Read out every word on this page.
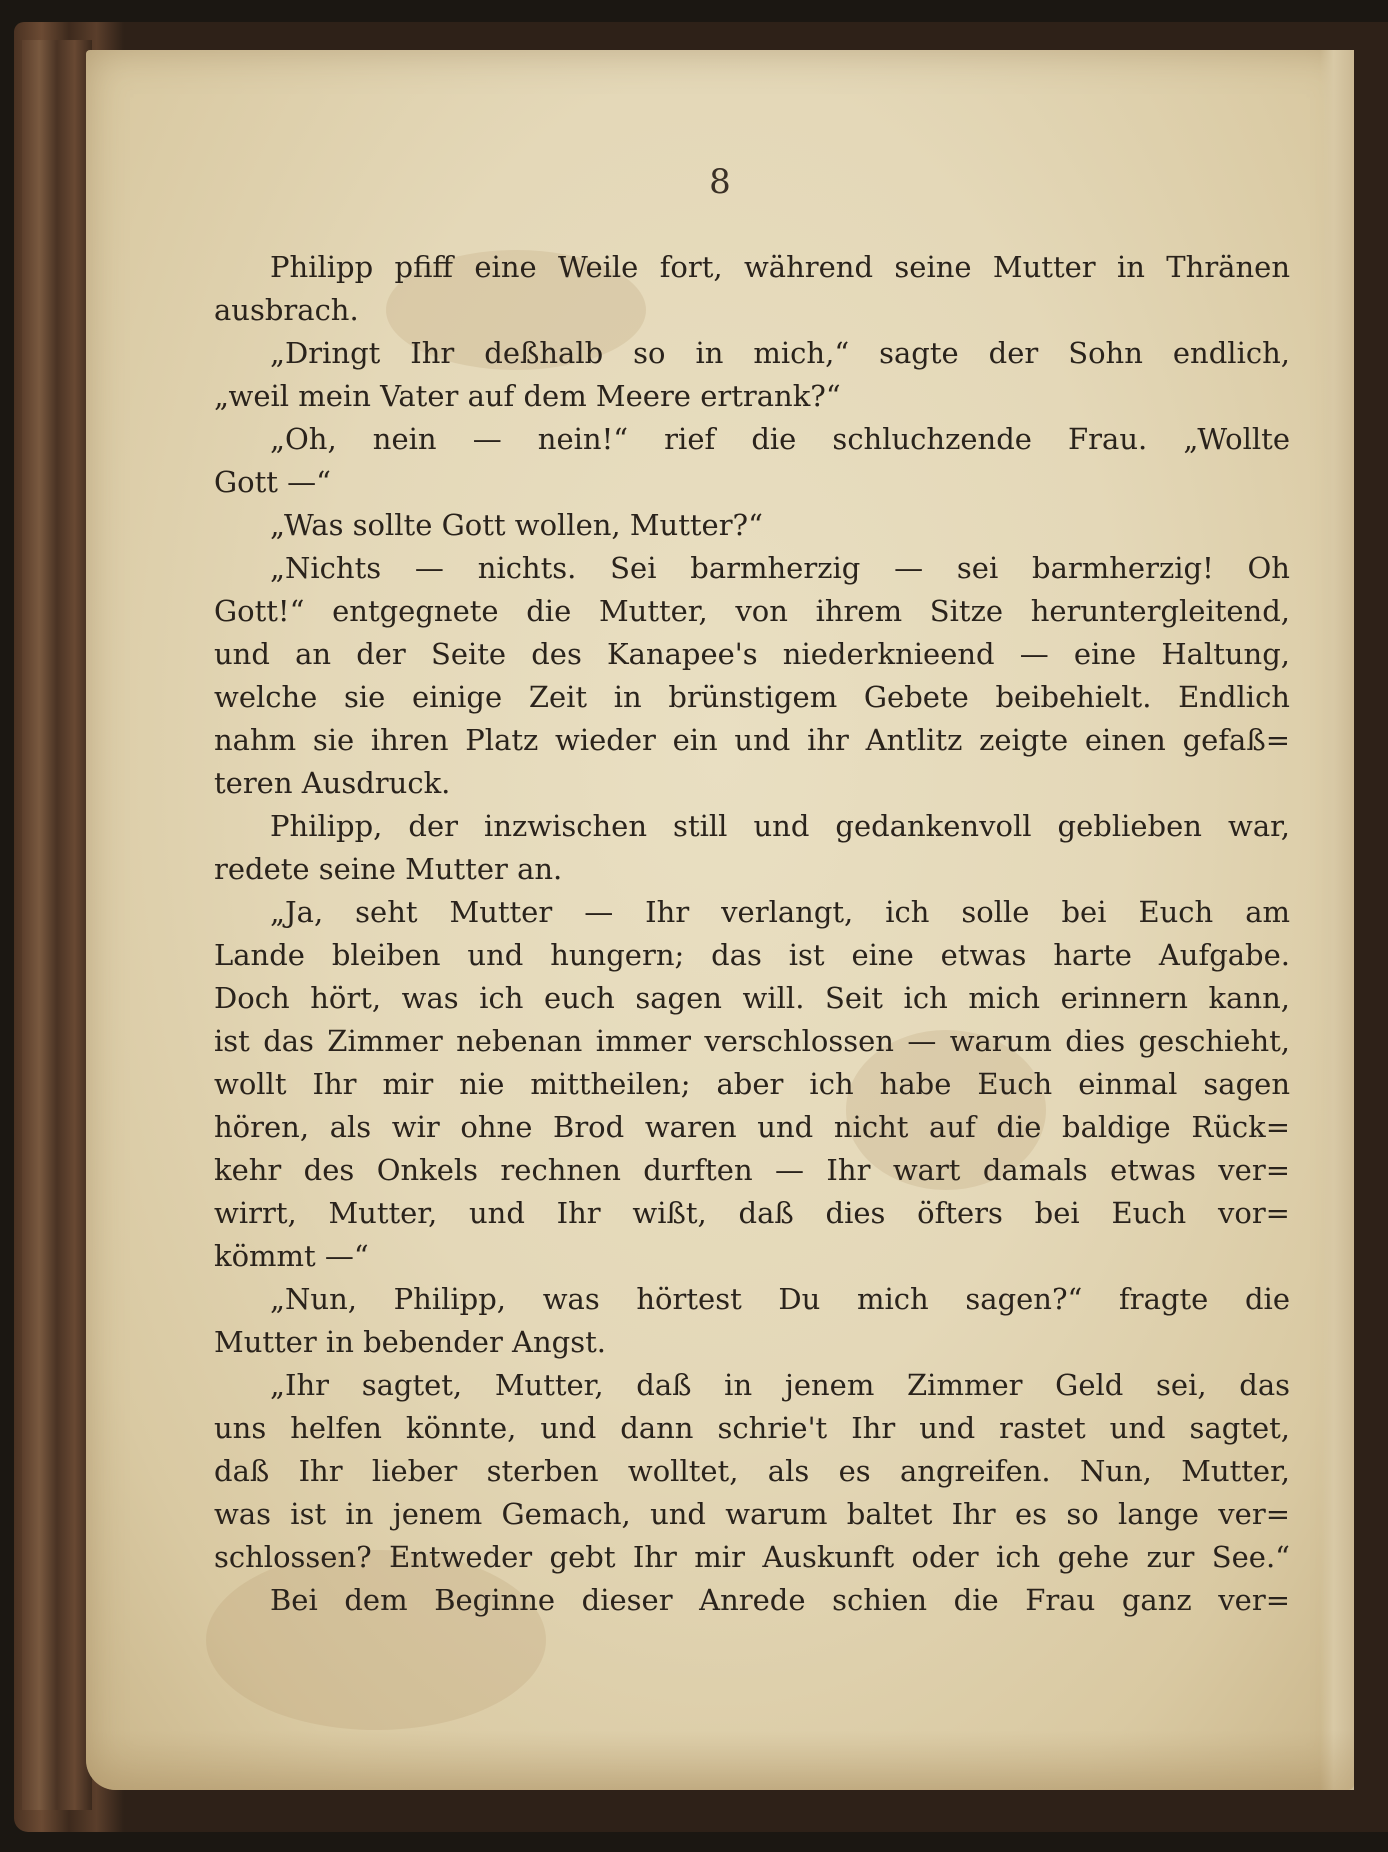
8
Philipp pfiff eine Weile fort, während seine Mutter in Thränen
ausbrach.
„Dringt Ihr deßhalb so in mich,“ sagte der Sohn endlich,
„weil mein Vater auf dem Meere ertrank?“
„Oh, nein — nein!“ rief die schluchzende Frau. „Wollte
Gott —“
„Was sollte Gott wollen, Mutter?“
„Nichts — nichts. Sei barmherzig — sei barmherzig! Oh
Gott!“ entgegnete die Mutter, von ihrem Sitze heruntergleitend,
und an der Seite des Kanapee's niederknieend — eine Haltung,
welche sie einige Zeit in brünstigem Gebete beibehielt. Endlich
nahm sie ihren Platz wieder ein und ihr Antlitz zeigte einen gefaß=
teren Ausdruck.
Philipp, der inzwischen still und gedankenvoll geblieben war,
redete seine Mutter an.
„Ja, seht Mutter — Ihr verlangt, ich solle bei Euch am
Lande bleiben und hungern; das ist eine etwas harte Aufgabe.
Doch hört, was ich euch sagen will. Seit ich mich erinnern kann,
ist das Zimmer nebenan immer verschlossen — warum dies geschieht,
wollt Ihr mir nie mittheilen; aber ich habe Euch einmal sagen
hören, als wir ohne Brod waren und nicht auf die baldige Rück=
kehr des Onkels rechnen durften — Ihr wart damals etwas ver=
wirrt, Mutter, und Ihr wißt, daß dies öfters bei Euch vor=
kömmt —“
„Nun, Philipp, was hörtest Du mich sagen?“ fragte die
Mutter in bebender Angst.
„Ihr sagtet, Mutter, daß in jenem Zimmer Geld sei, das
uns helfen könnte, und dann schrie't Ihr und rastet und sagtet,
daß Ihr lieber sterben wolltet, als es angreifen. Nun, Mutter,
was ist in jenem Gemach, und warum baltet Ihr es so lange ver=
schlossen? Entweder gebt Ihr mir Auskunft oder ich gehe zur See.“
Bei dem Beginne dieser Anrede schien die Frau ganz ver=
